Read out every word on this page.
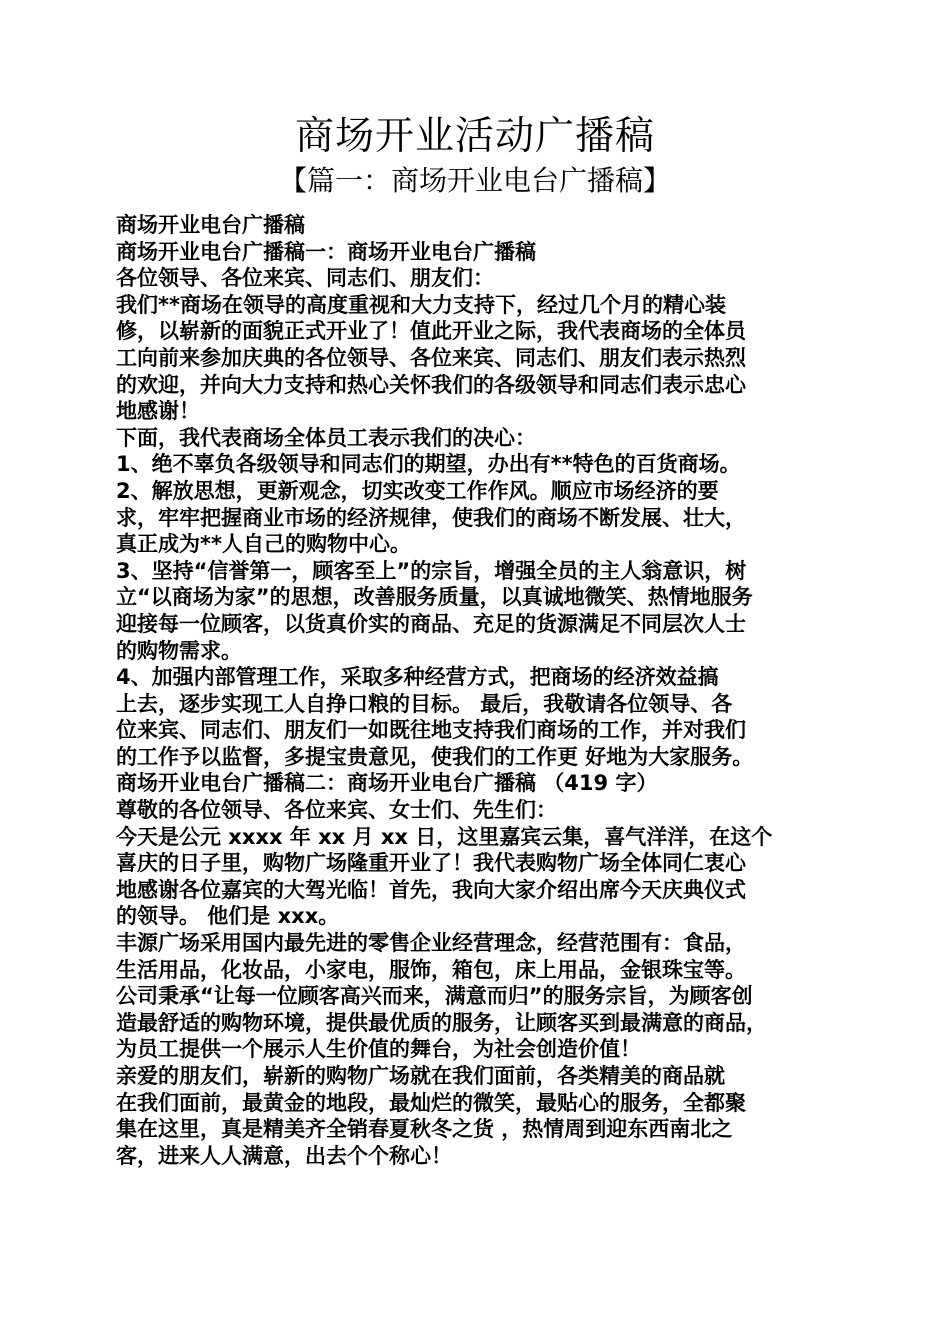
商场开业活动广播稿
【篇一：商场开业电台广播稿】

商场开业电台广播稿

商场开业电台广播稿一：商场开业电台广播稿

各位领导、各位来宾、同志们、朋友们：

我们**商场在领导的高度重视和大力支持下，经过几个月的精心装

修，以崭新的面貌正式开业了！值此开业之际，我代表商场的全体员

工向前来参加庆典的各位领导、各位来宾、同志们、朋友们表示热烈

的欢迎，并向大力支持和热心关怀我们的各级领导和同志们表示忠心

地感谢！

下面，我代表商场全体员工表示我们的决心：

1、绝不辜负各级领导和同志们的期望，办出有**特色的百货商场。

2、解放思想，更新观念，切实改变工作作风。顺应市场经济的要

求，牢牢把握商业市场的经济规律，使我们的商场不断发展、壮大，

真正成为**人自己的购物中心。

3、坚持“信誉第一，顾客至上”的宗旨，增强全员的主人翁意识，树

立“以商场为家”的思想，改善服务质量，以真诚地微笑、热情地服务

迎接每一位顾客，以货真价实的商品、充足的货源满足不同层次人士

的购物需求。

4、加强内部管理工作，采取多种经营方式，把商场的经济效益搞

上去，逐步实现工人自挣口粮的目标。 最后，我敬请各位领导、各

位来宾、同志们、朋友们一如既往地支持我们商场的工作，并对我们

的工作予以监督，多提宝贵意见，使我们的工作更 好地为大家服务。

商场开业电台广播稿二：商场开业电台广播稿 （419 字）

尊敬的各位领导、各位来宾、女士们、先生们：

今天是公元 xxxx 年 xx 月 xx 日，这里嘉宾云集，喜气洋洋，在这个

喜庆的日子里，购物广场隆重开业了！我代表购物广场全体同仁衷心

地感谢各位嘉宾的大驾光临！首先，我向大家介绍出席今天庆典仪式

的领导。 他们是 xxx。

丰源广场采用国内最先进的零售企业经营理念，经营范围有：食品，

生活用品，化妆品，小家电，服饰，箱包，床上用品，金银珠宝等。

公司秉承“让每一位顾客高兴而来，满意而归”的服务宗旨，为顾客创

造最舒适的购物环境，提供最优质的服务，让顾客买到最满意的商品，

为员工提供一个展示人生价值的舞台，为社会创造价值！

亲爱的朋友们，崭新的购物广场就在我们面前，各类精美的商品就

在我们面前，最黄金的地段，最灿烂的微笑，最贴心的服务，全都聚

集在这里，真是精美齐全销春夏秋冬之货 ，热情周到迎东西南北之

客，进来人人满意，出去个个称心！
